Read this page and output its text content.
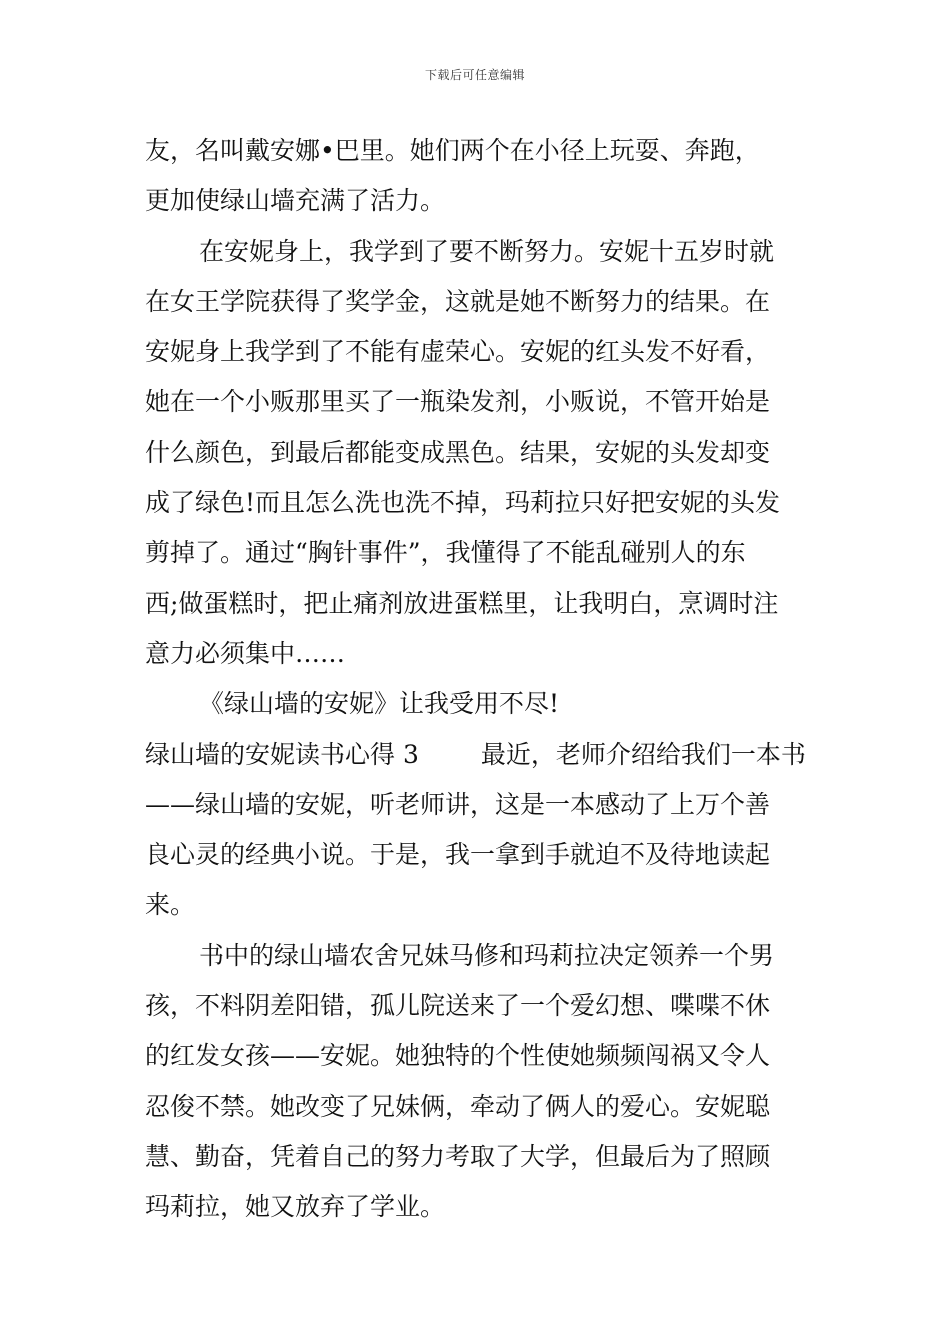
下载后可任意编辑
友，名叫戴安娜•巴里。她们两个在小径上玩耍、奔跑，
更加使绿山墙充满了活力。
在安妮身上，我学到了要不断努力。安妮十五岁时就
在女王学院获得了奖学金，这就是她不断努力的结果。在
安妮身上我学到了不能有虚荣心。安妮的红头发不好看，
她在一个小贩那里买了一瓶染发剂，小贩说，不管开始是
什么颜色，到最后都能变成黑色。结果，安妮的头发却变
成了绿色!而且怎么洗也洗不掉，玛莉拉只好把安妮的头发
剪掉了。通过“胸针事件”，我懂得了不能乱碰别人的东
西;做蛋糕时，把止痛剂放进蛋糕里，让我明白，烹调时注
意力必须集中……
《绿山墙的安妮》让我受用不尽!
绿山墙的安妮读书心得 3 最近，老师介绍给我们一本书
——绿山墙的安妮，听老师讲，这是一本感动了上万个善
良心灵的经典小说。于是，我一拿到手就迫不及待地读起
来。
书中的绿山墙农舍兄妹马修和玛莉拉决定领养一个男
孩，不料阴差阳错，孤儿院送来了一个爱幻想、喋喋不休
的红发女孩——安妮。她独特的个性使她频频闯祸又令人
忍俊不禁。她改变了兄妹俩，牵动了俩人的爱心。安妮聪
慧、勤奋，凭着自己的努力考取了大学，但最后为了照顾
玛莉拉，她又放弃了学业。
